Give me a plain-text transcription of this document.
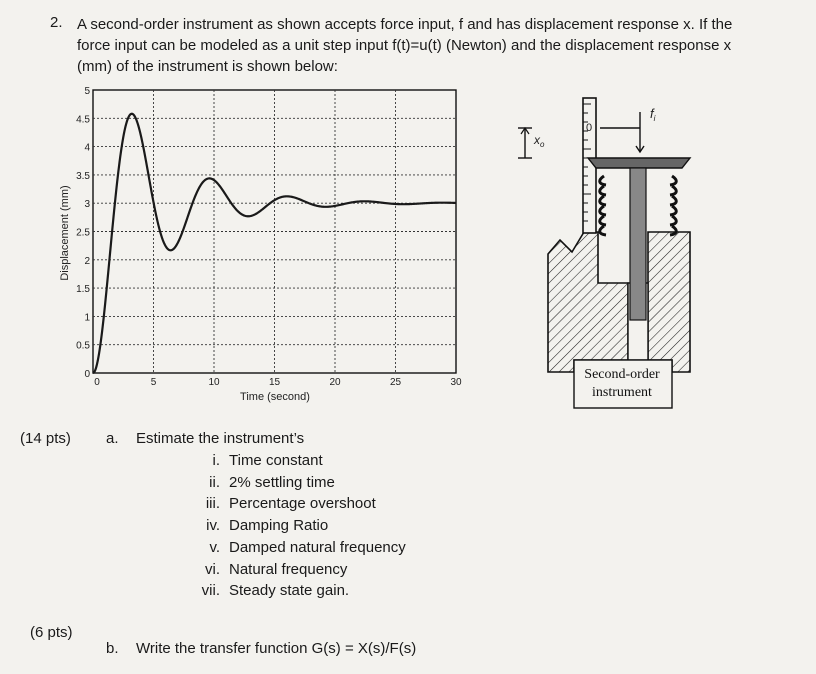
2. A second-order instrument as shown accepts force input, f and has displacement response x. If the
force input can be modeled as a unit step input f(t)=u(t) (Newton) and the displacement response x
(mm) of the instrument is shown below:
0	5	10	15	20	25	30
0
0.5
1
1.5
2
2.5
3
3.5
4
4.5
5
Time (second)
Displacement (mm)
0
$x_o$
$f_i$
Second-order
instrument
(14 pts) a. Estimate the instrument’s
i. Time constant
ii. 2% settling time
iii. Percentage overshoot
iv. Damping Ratio
v. Damped natural frequency
vi. Natural frequency
vii. Steady state gain.
(6 pts)
b. Write the transfer function G(s) = X(s)/F(s)
